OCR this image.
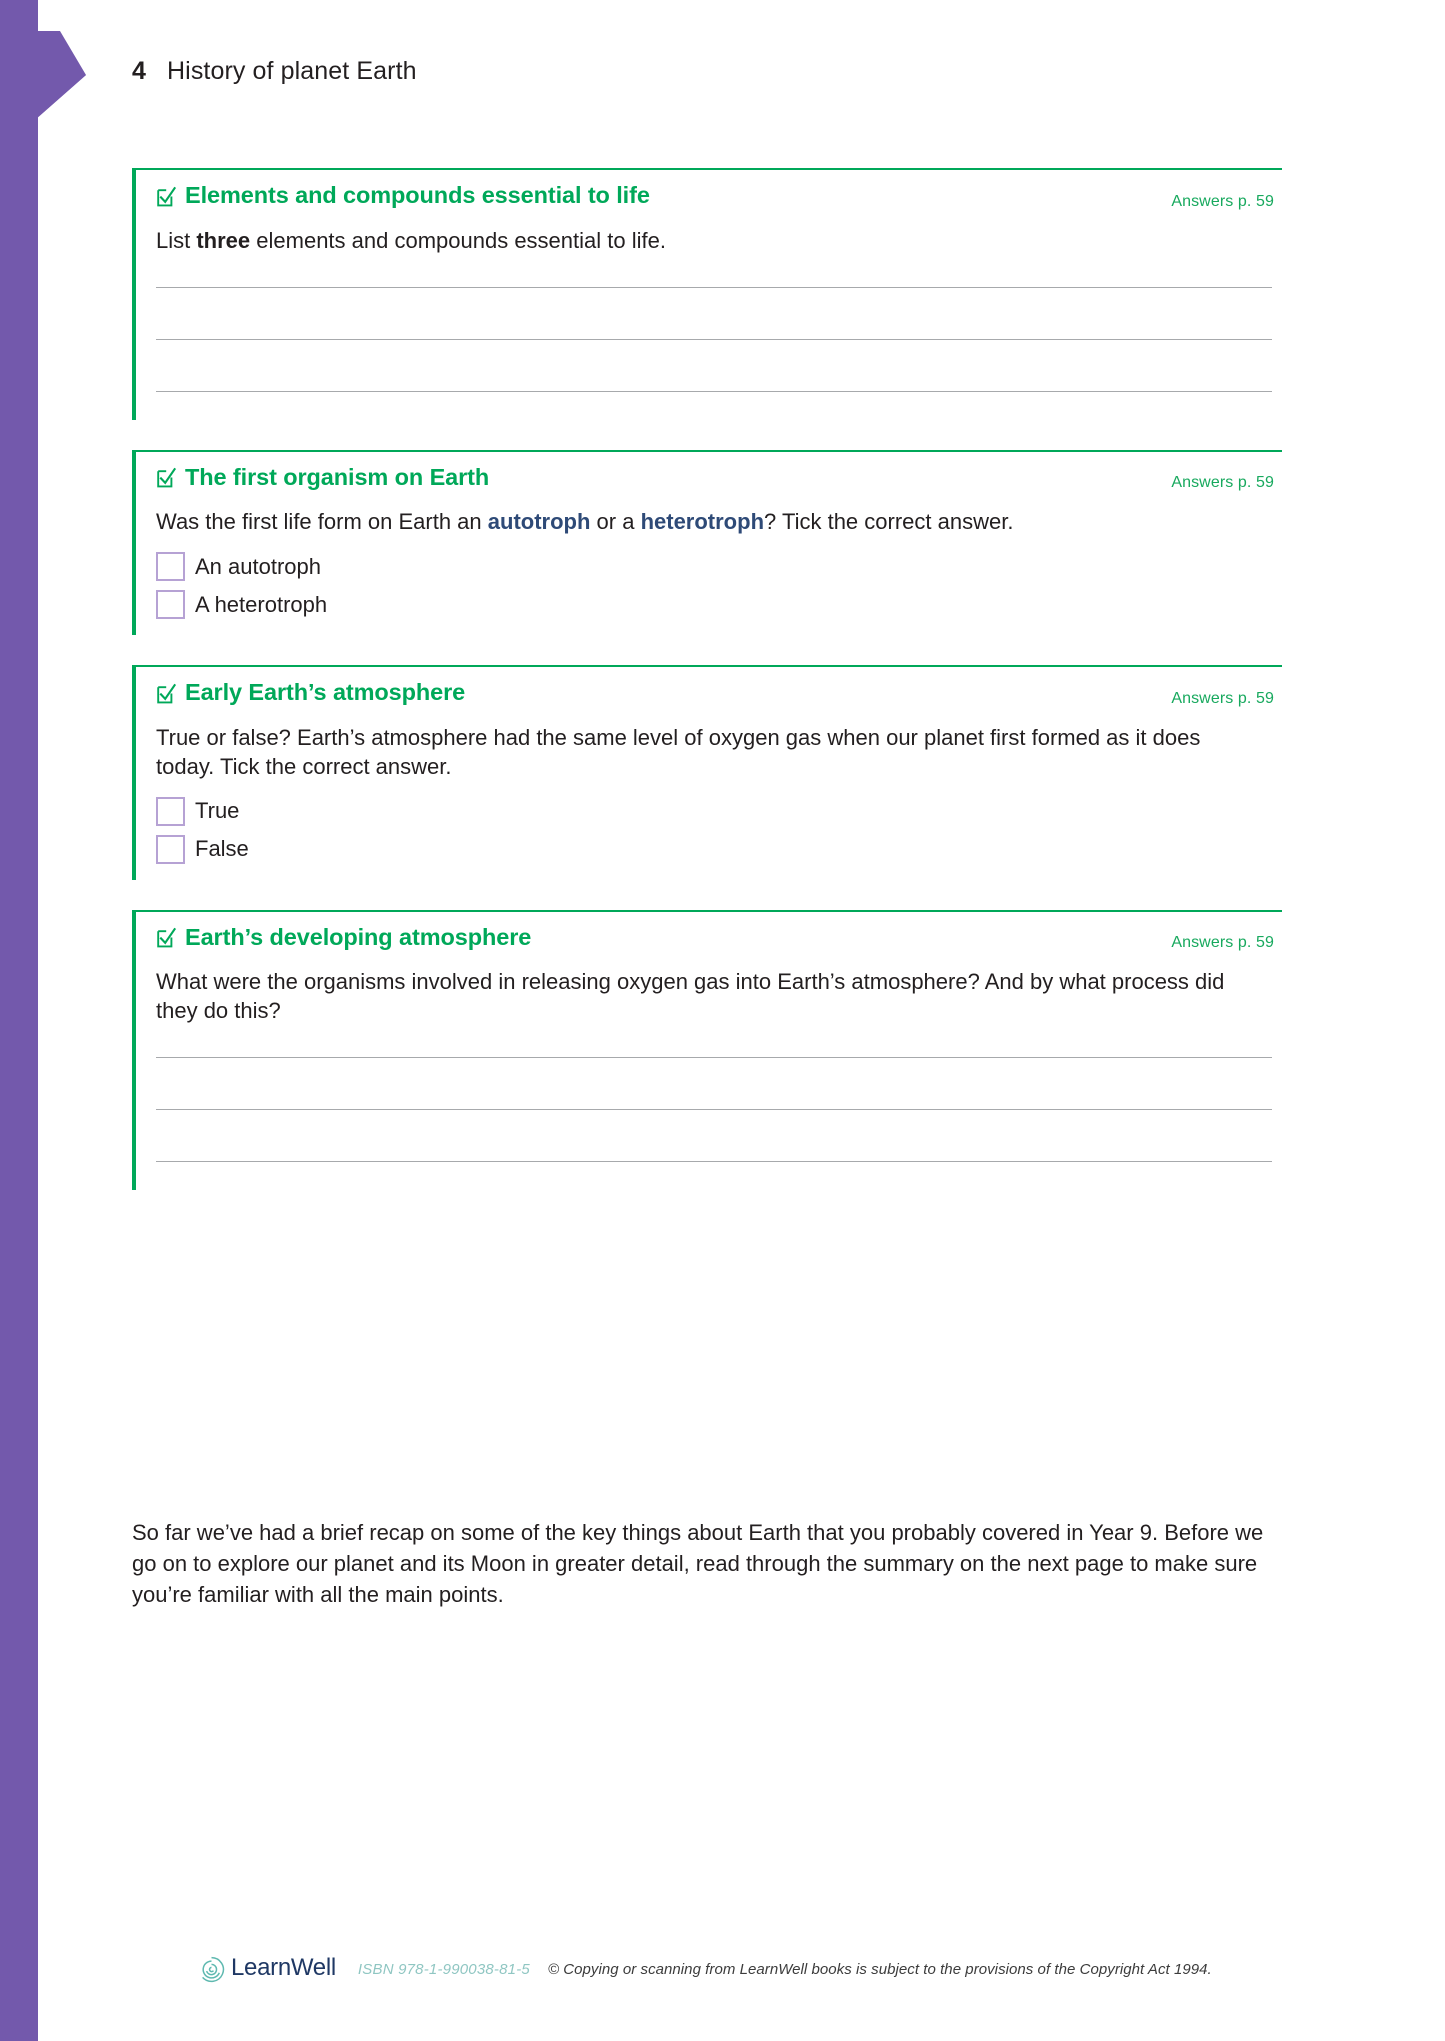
4 History of planet Earth
Elements and compounds essential to life	Answers p. 59

List three elements and compounds essential to life.

The first organism on Earth	Answers p. 59

Was the first life form on Earth an autotroph or a heterotroph? Tick the correct answer.

An autotroph
A heterotroph
Early Earth’s atmosphere	Answers p. 59

True or false? Earth’s atmosphere had the same level of oxygen gas when our planet first formed as it does today. Tick the correct answer.

True
False
Earth’s developing atmosphere	Answers p. 59

What were the organisms involved in releasing oxygen gas into Earth’s atmosphere? And by what process did they do this?

So far we’ve had a brief recap on some of the key things about Earth that you probably covered in Year 9. Before we go on to explore our planet and its Moon in greater detail, read through the summary on the next page to make sure you’re familiar with all the main points.

LearnWell ISBN 978-1-990038-81-5 © Copying or scanning from LearnWell books is subject to the provisions of the Copyright Act 1994.
